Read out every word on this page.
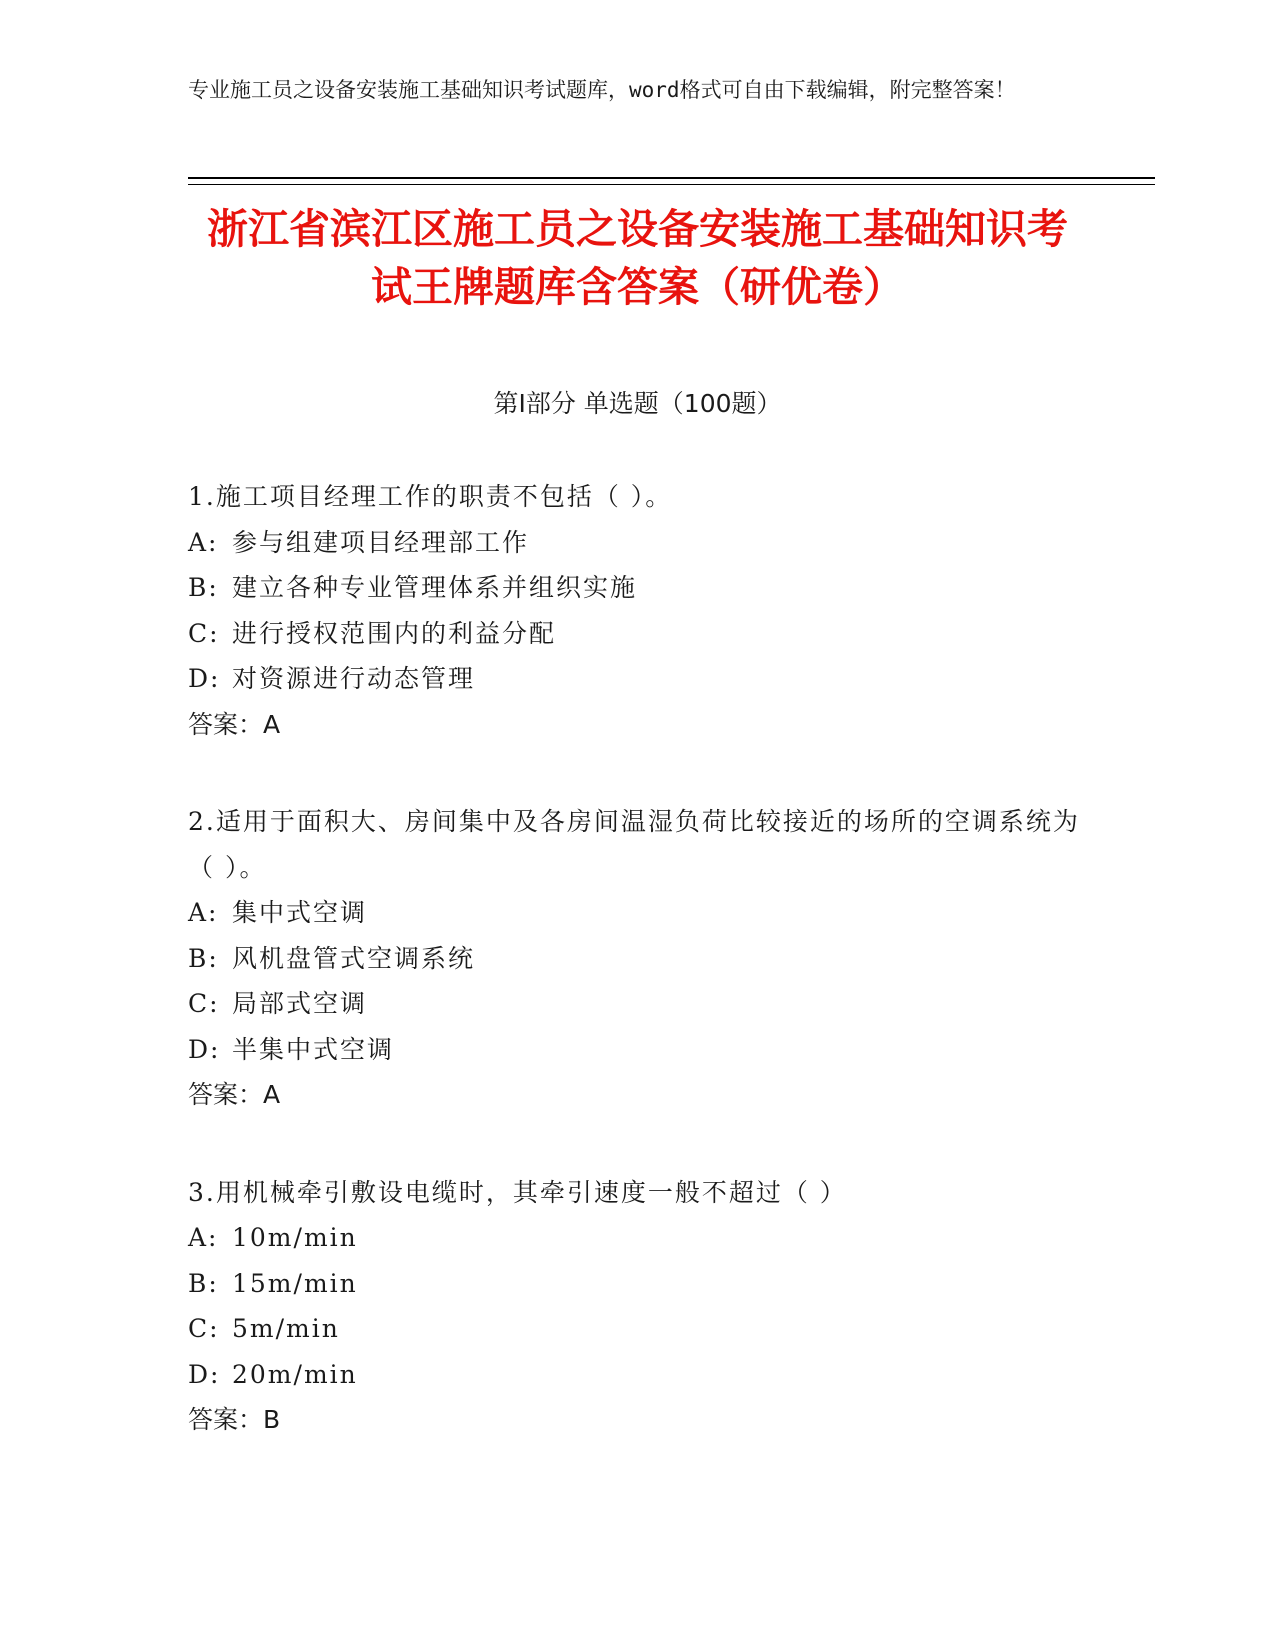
专业施工员之设备安装施工基础知识考试题库，word格式可自由下载编辑，附完整答案！
浙江省滨江区施工员之设备安装施工基础知识考试王牌题库含答案（研优卷）
第Ⅰ部分 单选题（100题）

1.施工项目经理工作的职责不包括（ ）。

A: 参与组建项目经理部工作

B: 建立各种专业管理体系并组织实施

C: 进行授权范围内的利益分配

D: 对资源进行动态管理

答案：A

2.适用于面积大、房间集中及各房间温湿负荷比较接近的场所的空调系统为（ ）。

A: 集中式空调

B: 风机盘管式空调系统

C: 局部式空调

D: 半集中式空调

答案：A

3.用机械牵引敷设电缆时，其牵引速度一般不超过（ ）

A: 10m/min

B: 15m/min

C: 5m/min

D: 20m/min

答案：B
